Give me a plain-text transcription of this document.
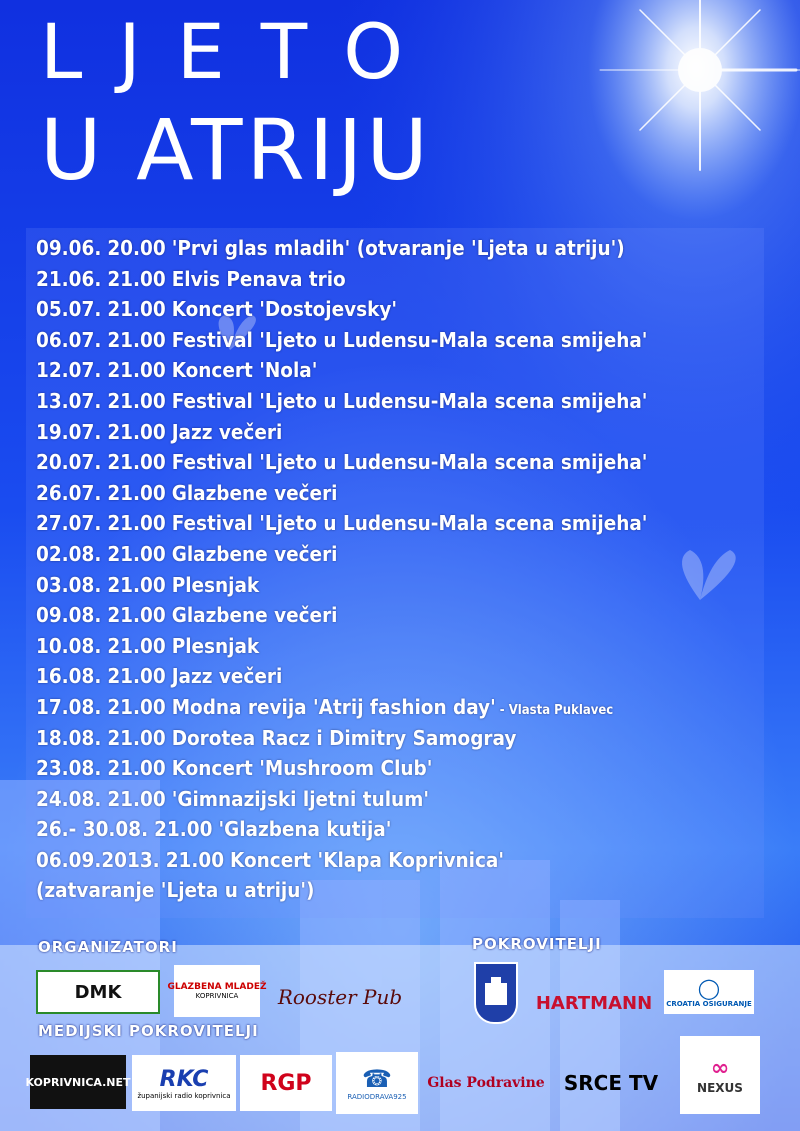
LJETO
U ATRIJU
09.06. 20.00 'Prvi glas mladih' (otvaranje 'Ljeta u atriju')
21.06. 21.00 Elvis Penava trio
05.07. 21.00 Koncert 'Dostojevsky'
06.07. 21.00 Festival 'Ljeto u Ludensu-Mala scena smijeha'
12.07. 21.00 Koncert 'Nola'
13.07. 21.00 Festival 'Ljeto u Ludensu-Mala scena smijeha'
19.07. 21.00 Jazz večeri
20.07. 21.00 Festival 'Ljeto u Ludensu-Mala scena smijeha'
26.07. 21.00 Glazbene večeri
27.07. 21.00 Festival 'Ljeto u Ludensu-Mala scena smijeha'
02.08. 21.00 Glazbene večeri
03.08. 21.00 Plesnjak
09.08. 21.00 Glazbene večeri
10.08. 21.00 Plesnjak
16.08. 21.00 Jazz večeri
17.08. 21.00 Modna revija 'Atrij fashion day' - Vlasta Puklavec
18.08. 21.00 Dorotea Racz i Dimitry Samogray
23.08. 21.00 Koncert 'Mushroom Club'
24.08. 21.00 'Gimnazijski ljetni tulum'
26.- 30.08. 21.00 'Glazbena kutija'
06.09.2013. 21.00 Koncert 'Klapa Koprivnica'
(zatvaranje 'Ljeta u atriju')
ORGANIZATORI	POKROVITELJI
MEDIJSKI POKROVITELJI
DMK	GLAZBENA MLADEŽ
KOPRIVNICA Rooster Pub	HARTMANN
◯
CROATIA OSIGURANJE
KOPRIVNICA.NET RKC
županijski radio koprivnica RGP ☎
RADIODRAVA925
Glas Podravine SRCE TV
∞
NEXUS
